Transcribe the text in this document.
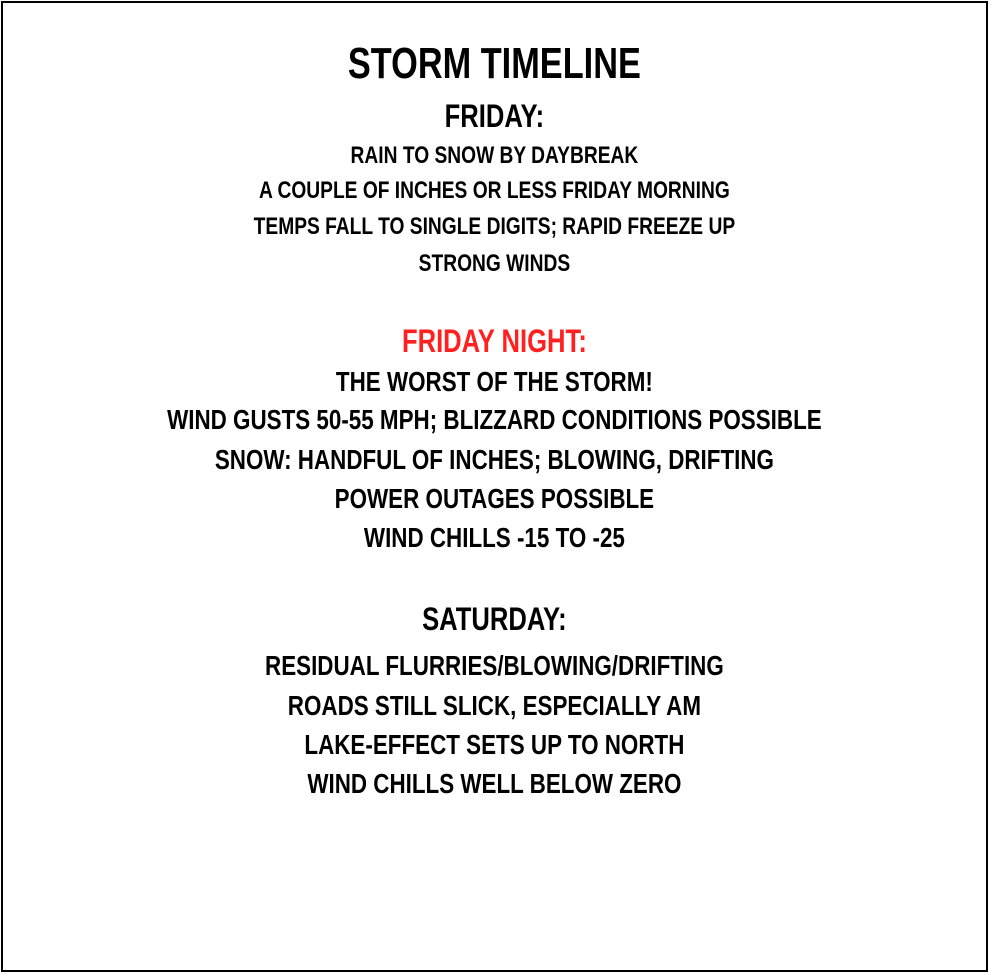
STORM TIMELINE
FRIDAY:
RAIN TO SNOW BY DAYBREAK
A COUPLE OF INCHES OR LESS FRIDAY MORNING
TEMPS FALL TO SINGLE DIGITS; RAPID FREEZE UP
STRONG WINDS
FRIDAY NIGHT:
THE WORST OF THE STORM!
WIND GUSTS 50-55 MPH; BLIZZARD CONDITIONS POSSIBLE
SNOW: HANDFUL OF INCHES; BLOWING, DRIFTING
POWER OUTAGES POSSIBLE
WIND CHILLS -15 TO -25
SATURDAY:
RESIDUAL FLURRIES/BLOWING/DRIFTING
ROADS STILL SLICK, ESPECIALLY AM
LAKE-EFFECT SETS UP TO NORTH
WIND CHILLS WELL BELOW ZERO
